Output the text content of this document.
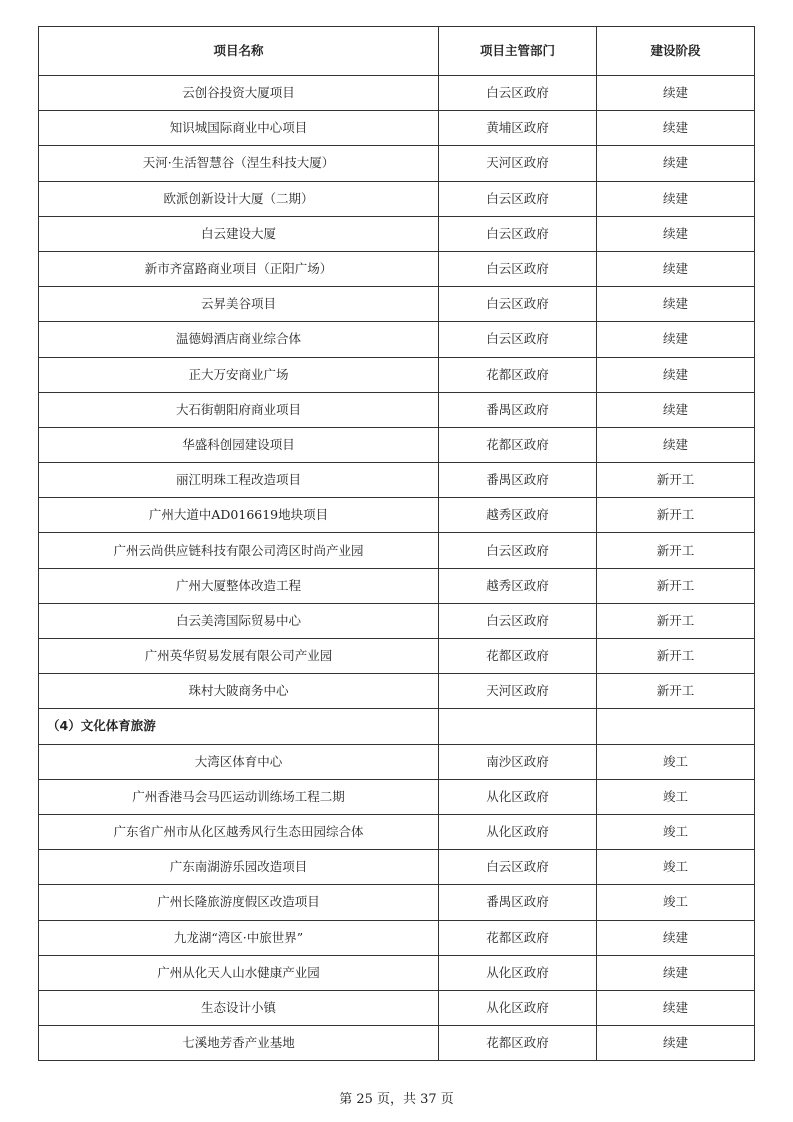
项目名称	项目主管部门	建设阶段
云创谷投资大厦项目	白云区政府	续建
知识城国际商业中心项目	黄埔区政府	续建
天河·生活智慧谷（涅生科技大厦）	天河区政府	续建
欧派创新设计大厦（二期）	白云区政府	续建
白云建设大厦	白云区政府	续建
新市齐富路商业项目（正阳广场）	白云区政府	续建
云昇美谷项目	白云区政府	续建
温德姆酒店商业综合体	白云区政府	续建
正大万安商业广场	花都区政府	续建
大石街朝阳府商业项目	番禺区政府	续建
华盛科创园建设项目	花都区政府	续建
丽江明珠工程改造项目	番禺区政府	新开工
广州大道中AD016619地块项目	越秀区政府	新开工
广州云尚供应链科技有限公司湾区时尚产业园	白云区政府	新开工
广州大厦整体改造工程	越秀区政府	新开工
白云美湾国际贸易中心	白云区政府	新开工
广州英华贸易发展有限公司产业园	花都区政府	新开工
珠村大陂商务中心	天河区政府	新开工
（4）文化体育旅游		
大湾区体育中心	南沙区政府	竣工
广州香港马会马匹运动训练场工程二期	从化区政府	竣工
广东省广州市从化区越秀风行生态田园综合体	从化区政府	竣工
广东南湖游乐园改造项目	白云区政府	竣工
广州长隆旅游度假区改造项目	番禺区政府	竣工
九龙湖“湾区·中旅世界”	花都区政府	续建
广州从化天人山水健康产业园	从化区政府	续建
生态设计小镇	从化区政府	续建
七溪地芳香产业基地	花都区政府	续建
第 25 页，共 37 页
